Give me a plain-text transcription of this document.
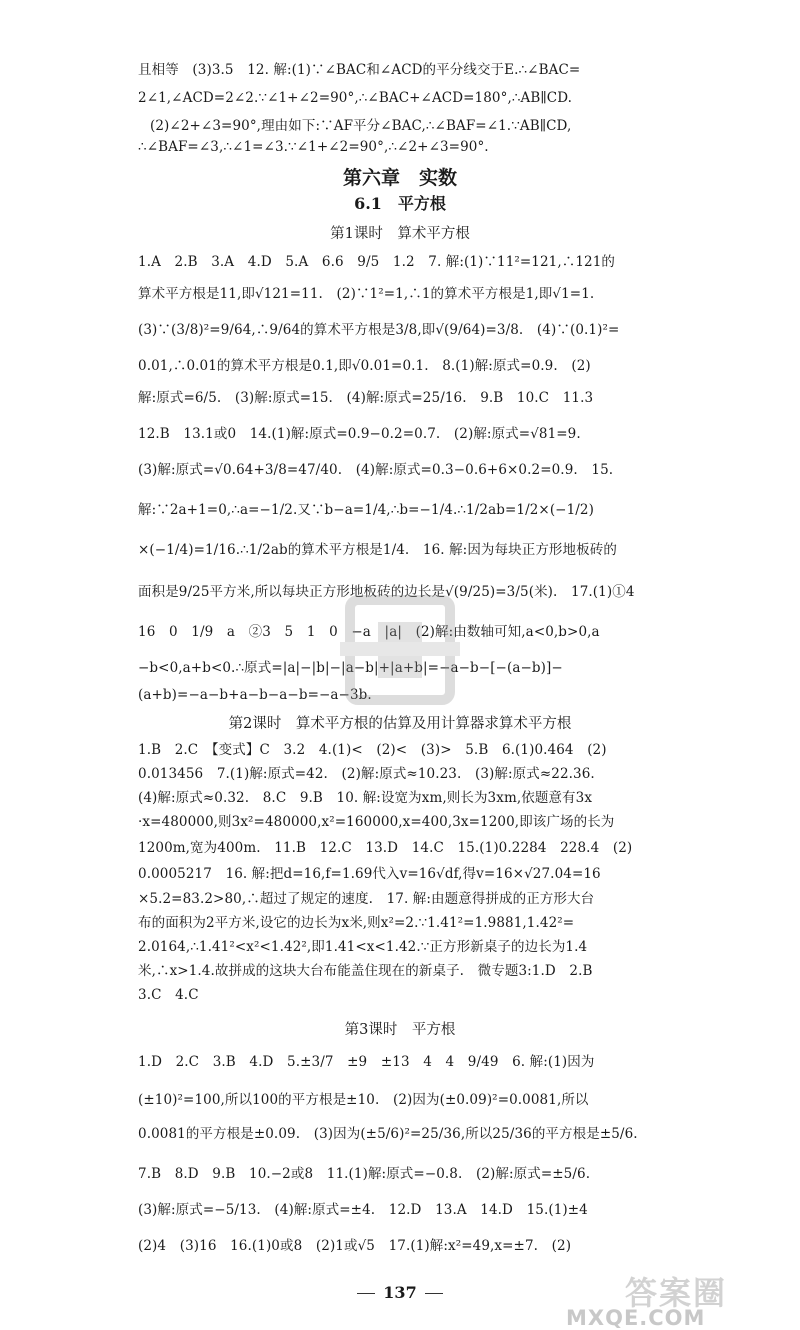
且相等　(3)3.5　12. 解:(1)∵∠BAC和∠ACD的平分线交于E.∴∠BAC=
2∠1,∠ACD=2∠2.∵∠1+∠2=90°,∴∠BAC+∠ACD=180°,∴AB∥CD.
(2)∠2+∠3=90°,理由如下:∵AF平分∠BAC,∴∠BAF=∠1.∵AB∥CD,
∴∠BAF=∠3,∴∠1=∠3.∵∠1+∠2=90°,∴∠2+∠3=90°.
第六章　实数
6.1　平方根
第1课时　算术平方根
1.A　2.B　3.A　4.D　5.A　6.6　9/5　1.2　7. 解:(1)∵11²=121,∴121的
算术平方根是11,即√121=11.　(2)∵1²=1,∴1的算术平方根是1,即√1=1.
(3)∵(3/8)²=9/64,∴9/64的算术平方根是3/8,即√(9/64)=3/8.　(4)∵(0.1)²=
0.01,∴0.01的算术平方根是0.1,即√0.01=0.1.　8.(1)解:原式=0.9.　(2)
解:原式=6/5.　(3)解:原式=15.　(4)解:原式=25/16.　9.B　10.C　11.3
12.B　13.1或0　14.(1)解:原式=0.9−0.2=0.7.　(2)解:原式=√81=9.
(3)解:原式=√0.64+3/8=47/40.　(4)解:原式=0.3−0.6+6×0.2=0.9.　15.
解:∵2a+1=0,∴a=−1/2.又∵b−a=1/4,∴b=−1/4.∴1/2ab=1/2×(−1/2)
×(−1/4)=1/16.∴1/2ab的算术平方根是1/4.　16. 解:因为每块正方形地板砖的
面积是9/25平方米,所以每块正方形地板砖的边长是√(9/25)=3/5(米).　17.(1)①4
16　0　1/9　a　②3　5　1　0　−a　|a|　(2)解:由数轴可知,a<0,b>0,a
−b<0,a+b<0.∴原式=|a|−|b|−|a−b|+|a+b|=−a−b−[−(a−b)]−
(a+b)=−a−b+a−b−a−b=−a−3b.
第2课时　算术平方根的估算及用计算器求算术平方根
1.B　2.C　【变式】C　3.2　4.(1)<　(2)<　(3)>　5.B　6.(1)0.464　(2)
0.013456　7.(1)解:原式=42.　(2)解:原式≈10.23.　(3)解:原式≈22.36.
(4)解:原式≈0.32.　8.C　9.B　10. 解:设宽为xm,则长为3xm,依题意有3x
·x=480000,则3x²=480000,x²=160000,x=400,3x=1200,即该广场的长为
1200m,宽为400m.　11.B　12.C　13.D　14.C　15.(1)0.2284　228.4　(2)
0.0005217　16. 解:把d=16,f=1.69代入v=16√df,得v=16×√27.04=16
×5.2=83.2>80,∴超过了规定的速度.　17. 解:由题意得拼成的正方形大台
布的面积为2平方米,设它的边长为x米,则x²=2.∵1.41²=1.9881,1.42²=
2.0164,∴1.41²<x²<1.42²,即1.41<x<1.42.∵正方形新桌子的边长为1.4
米,∴x>1.4.故拼成的这块大台布能盖住现在的新桌子.　微专题3:1.D　2.B
3.C　4.C
第3课时　平方根
1.D　2.C　3.B　4.D　5.±3/7　±9　±13　4　4　9/49　6. 解:(1)因为
(±10)²=100,所以100的平方根是±10.　(2)因为(±0.09)²=0.0081,所以
0.0081的平方根是±0.09.　(3)因为(±5/6)²=25/36,所以25/36的平方根是±5/6.
7.B　8.D　9.B　10.−2或8　11.(1)解:原式=−0.8.　(2)解:原式=±5/6.
(3)解:原式=−5/13.　(4)解:原式=±4.　12.D　13.A　14.D　15.(1)±4
(2)4　(3)16　16.(1)0或8　(2)1或√5　17.(1)解:x²=49,x=±7.　(2)
137	答案圈
MXQE.COM
